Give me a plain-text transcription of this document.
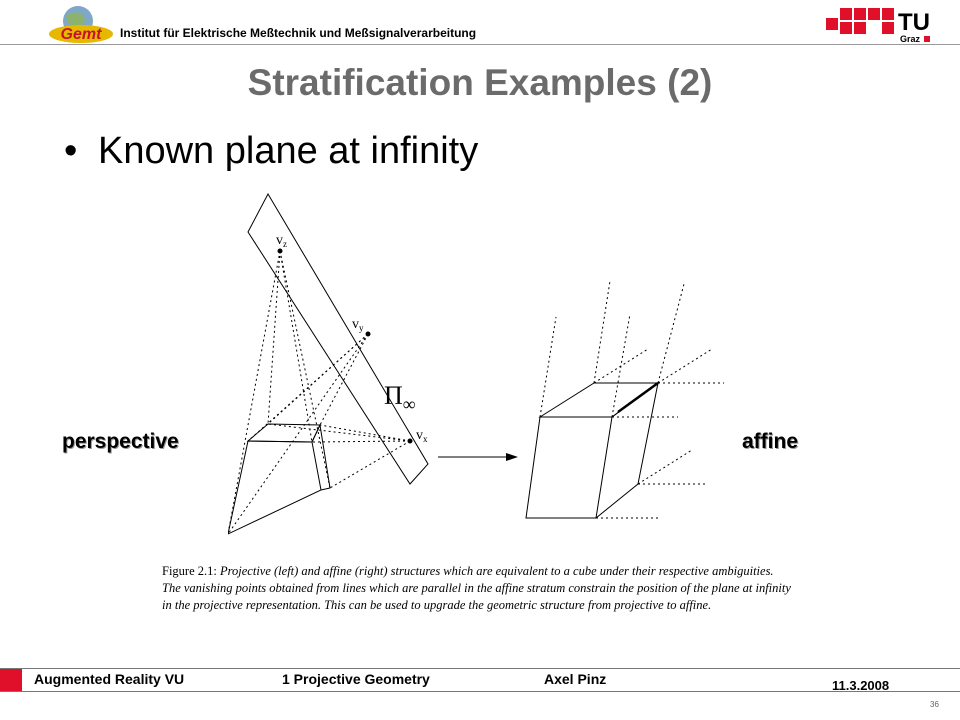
Gemt Institut für Elektrische Meßtechnik und Meßsignalverarbeitung	TU
Graz
Stratification Examples (2)
• Known plane at infinity
$v_z$
$v_y$
$v_x$
$\Pi_\infty$
perspective	affine
Figure 2.1: Projective (left) and affine (right) structures which are equivalent to a cube under their respective ambiguities. The vanishing points obtained from lines which are parallel in the affine stratum constrain the position of the plane at infinity in the projective representation. This can be used to upgrade the geometric structure from projective to affine.
Augmented Reality VU	1 Projective Geometry	Axel Pinz	11.3.2008
36
